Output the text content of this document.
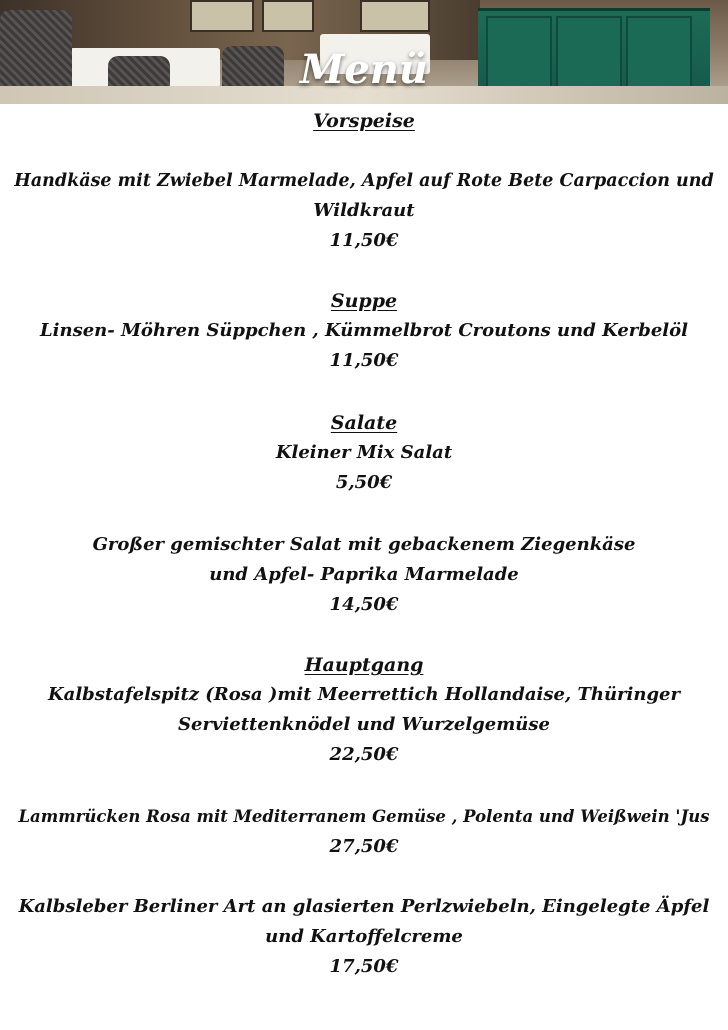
Menü
Vorspeise
Handkäse mit Zwiebel Marmelade, Apfel auf Rote Bete Carpaccion und
Wildkraut
11,50€
Suppe
Linsen- Möhren Süppchen , Kümmelbrot Croutons und Kerbelöl
11,50€
Salate
Kleiner Mix Salat
5,50€
Großer gemischter Salat mit gebackenem Ziegenkäse
und Apfel- Paprika Marmelade
14,50€
Hauptgang
Kalbstafelspitz (Rosa )mit Meerrettich Hollandaise, Thüringer
Serviettenknödel und Wurzelgemüse
22,50€
Lammrücken Rosa mit Mediterranem Gemüse , Polenta und Weißwein 'Jus
27,50€
Kalbsleber Berliner Art an glasierten Perlzwiebeln, Eingelegte Äpfel
und Kartoffelcreme
17,50€
